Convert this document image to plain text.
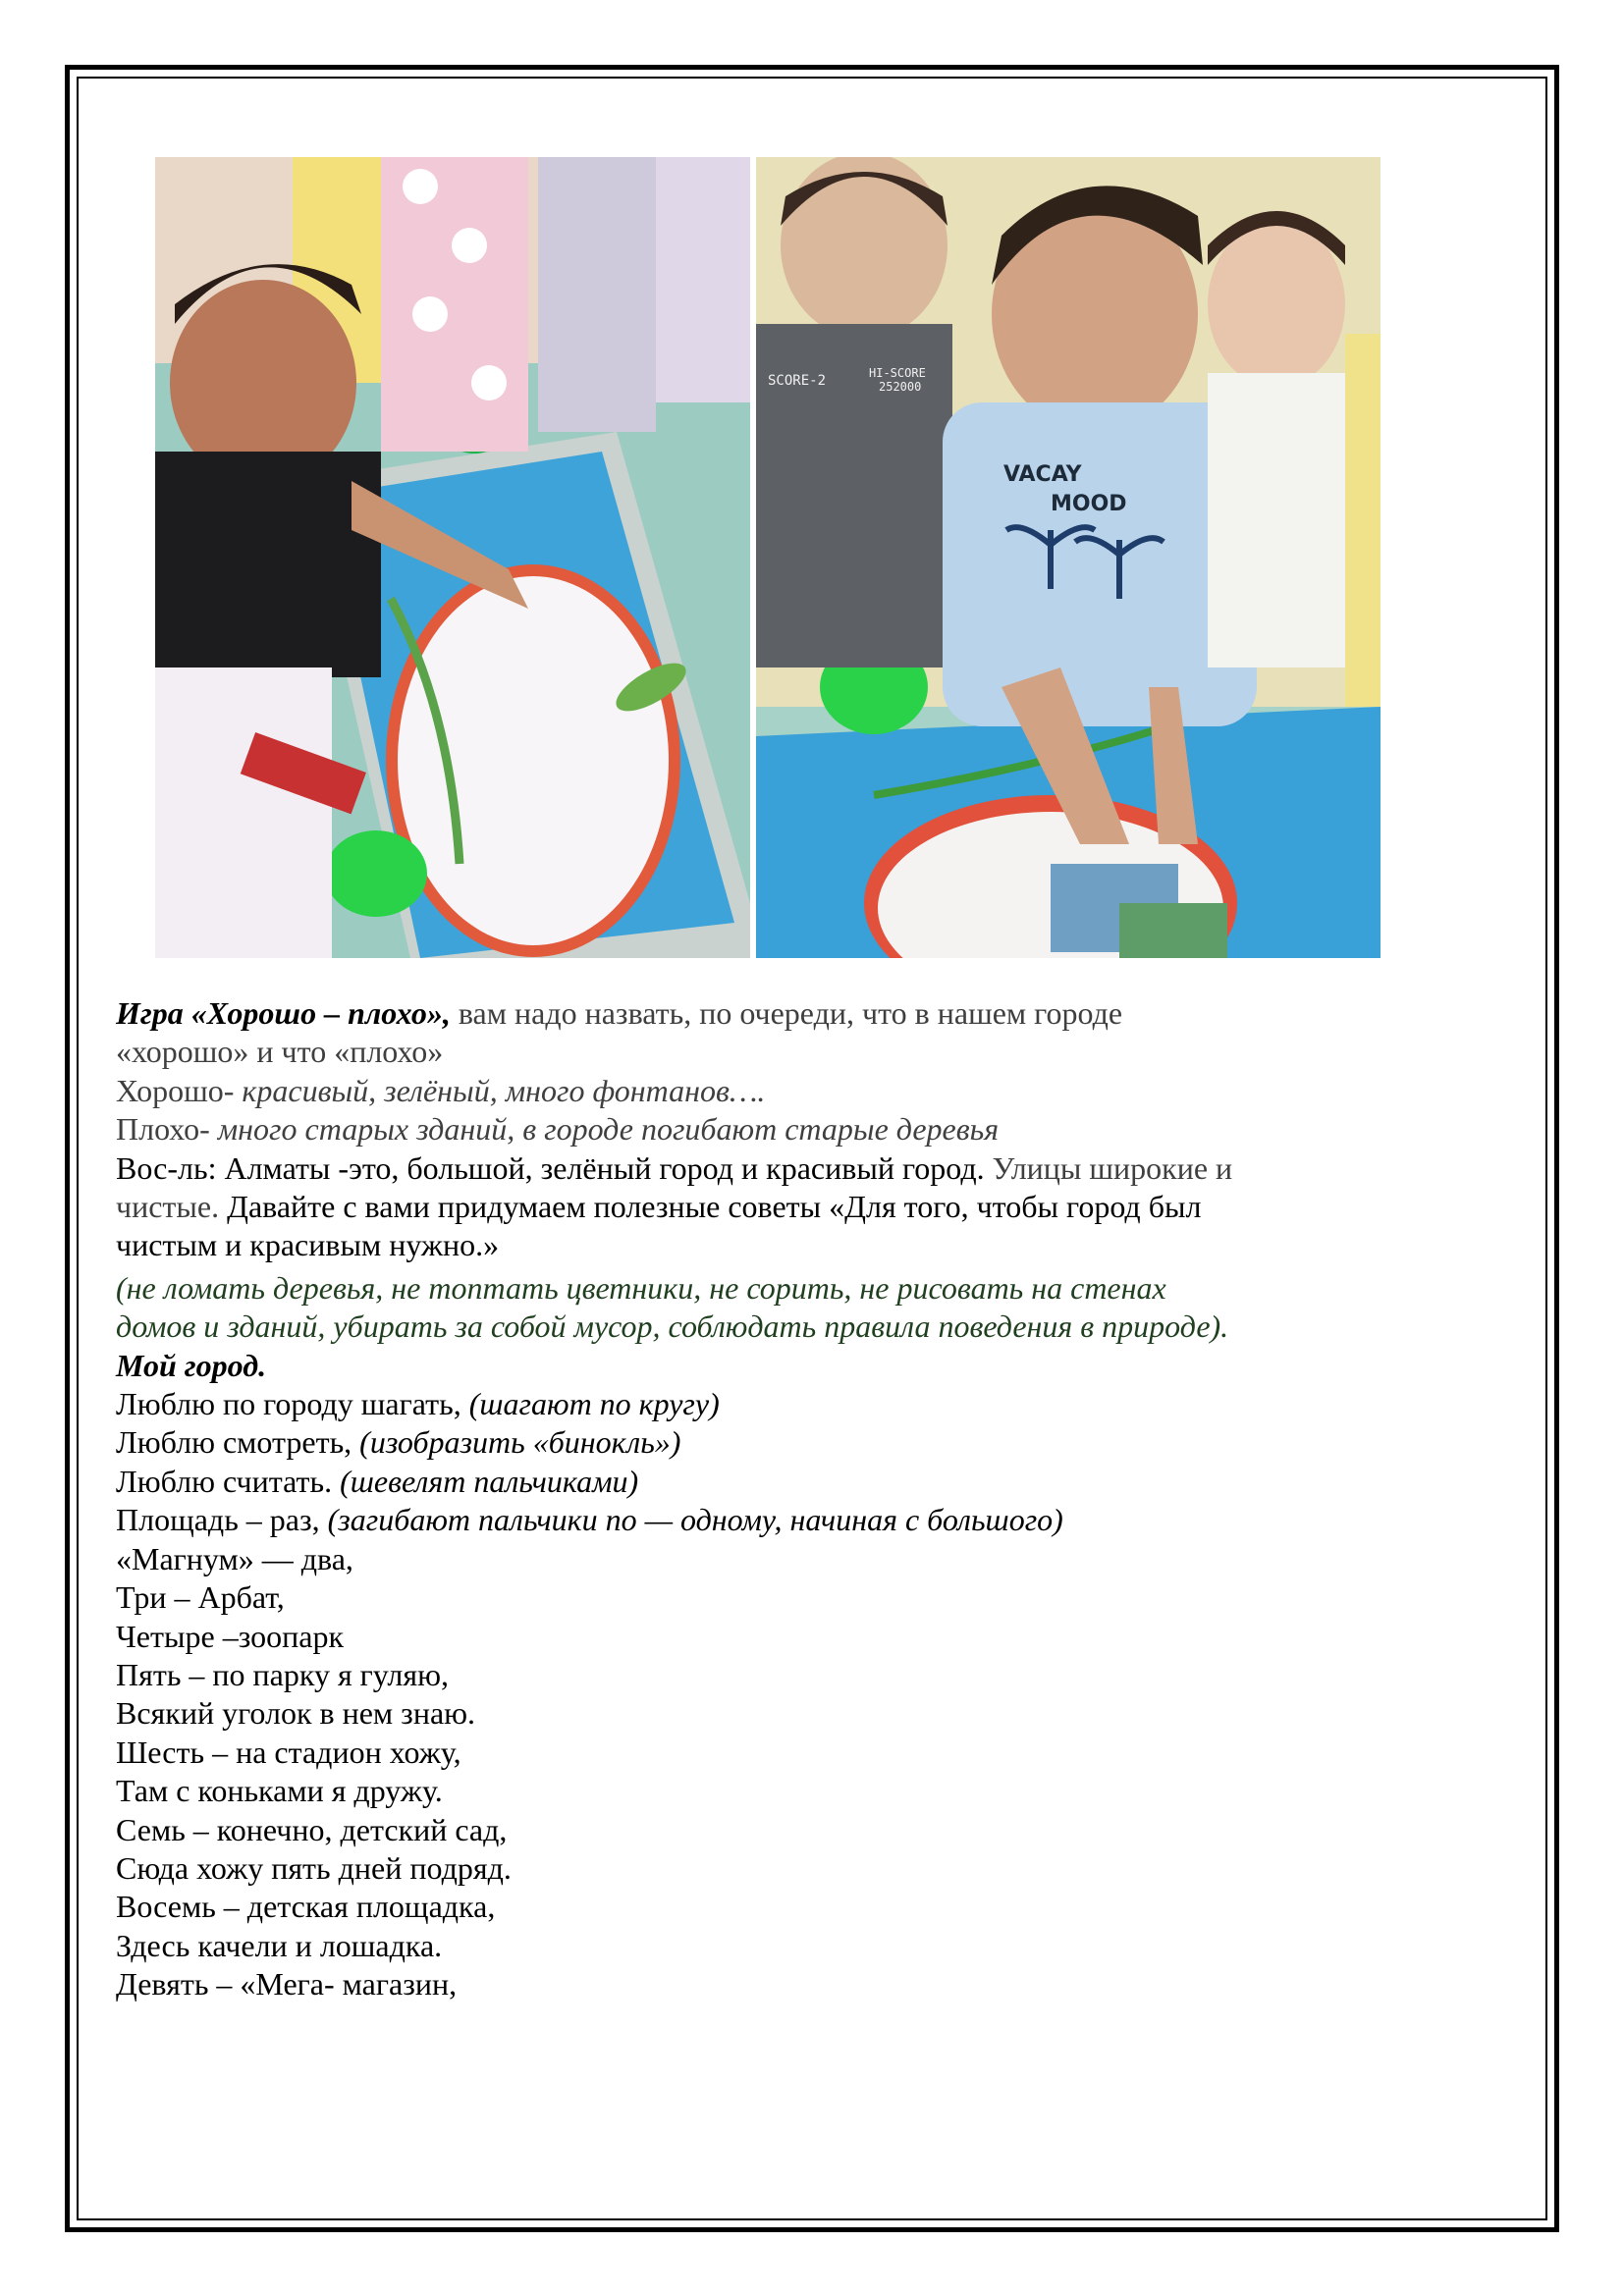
SCORE-2	HI-SCORE
252000
VACAY
MOOD
Игра «Хорошо – плохо», вам надо назвать, по очереди, что в нашем городе
«хорошо» и что «плохо»
Хорошо- красивый, зелёный, много фонтанов….
Плохо- много старых зданий, в городе погибают старые деревья
Вос-ль: Алматы -это, большой, зелёный город и красивый город. Улицы широкие и
чистые. Давайте с вами придумаем полезные советы «Для того, чтобы город был
чистым и красивым нужно.»
(не ломать деревья, не топтать цветники, не сорить, не рисовать на стенах
домов и зданий, убирать за собой мусор, соблюдать правила поведения в природе).
Мой город.
Люблю по городу шагать, (шагают по кругу)
Люблю смотреть, (изобразить «бинокль»)
Люблю считать. (шевелят пальчиками)
Площадь – раз, (загибают пальчики по — одному, начиная с большого)
«Магнум» — два,
Три – Арбат,
Четыре –зоопарк
Пять – по парку я гуляю,
Всякий уголок в нем знаю.
Шесть – на стадион хожу,
Там с коньками я дружу.
Семь – конечно, детский сад,
Сюда хожу пять дней подряд.
Восемь – детская площадка,
Здесь качели и лошадка.
Девять – «Мега- магазин,
